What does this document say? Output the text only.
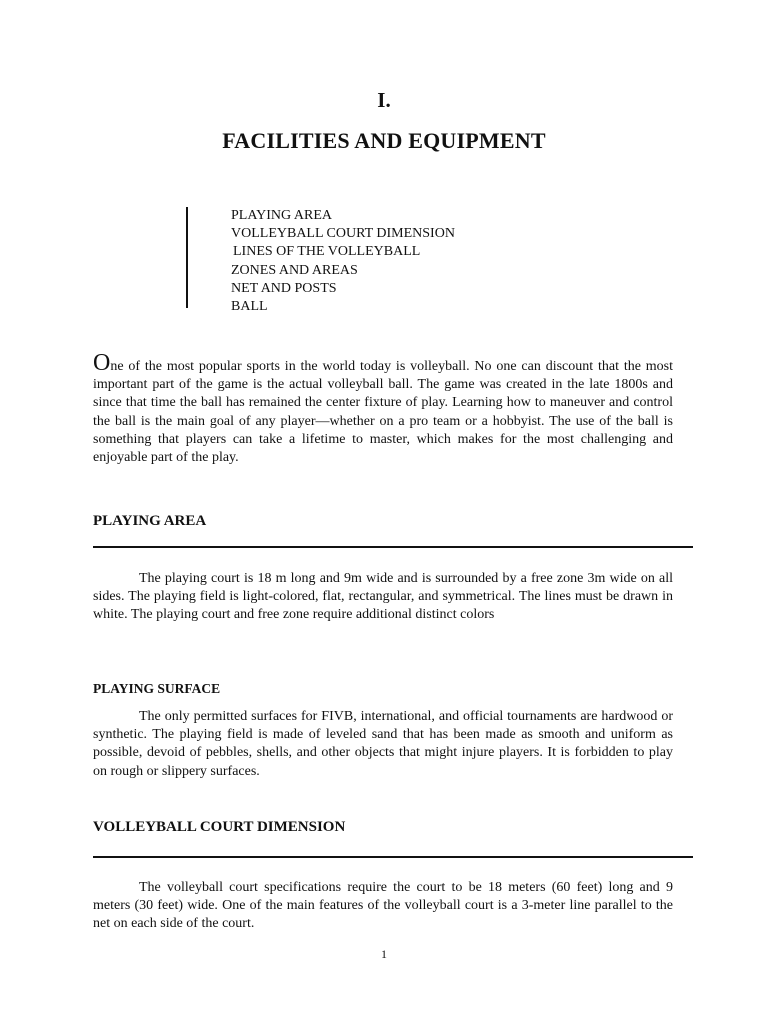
I.
FACILITIES AND EQUIPMENT
PLAYING AREA
VOLLEYBALL COURT DIMENSION
LINES OF THE VOLLEYBALL
ZONES AND AREAS
NET AND POSTS
BALL

One of the most popular sports in the world today is volleyball. No one can discount that the most important part of the game is the actual volleyball ball. The game was created in the late 1800s and since that time the ball has remained the center fixture of play. Learning how to maneuver and control the ball is the main goal of any player—whether on a pro team or a hobbyist. The use of the ball is something that players can take a lifetime to master, which makes for the most challenging and enjoyable part of the play.

PLAYING AREA

The playing court is 18 m long and 9m wide and is surrounded by a free zone 3m wide on all sides. The playing field is light-colored, flat, rectangular, and symmetrical. The lines must be drawn in white. The playing court and free zone require additional distinct colors

PLAYING SURFACE

The only permitted surfaces for FIVB, international, and official tournaments are hardwood or synthetic. The playing field is made of leveled sand that has been made as smooth and uniform as possible, devoid of pebbles, shells, and other objects that might injure players. It is forbidden to play on rough or slippery surfaces.

VOLLEYBALL COURT DIMENSION

The volleyball court specifications require the court to be 18 meters (60 feet) long and 9 meters (30 feet) wide. One of the main features of the volleyball court is a 3-meter line parallel to the net on each side of the court.

1
